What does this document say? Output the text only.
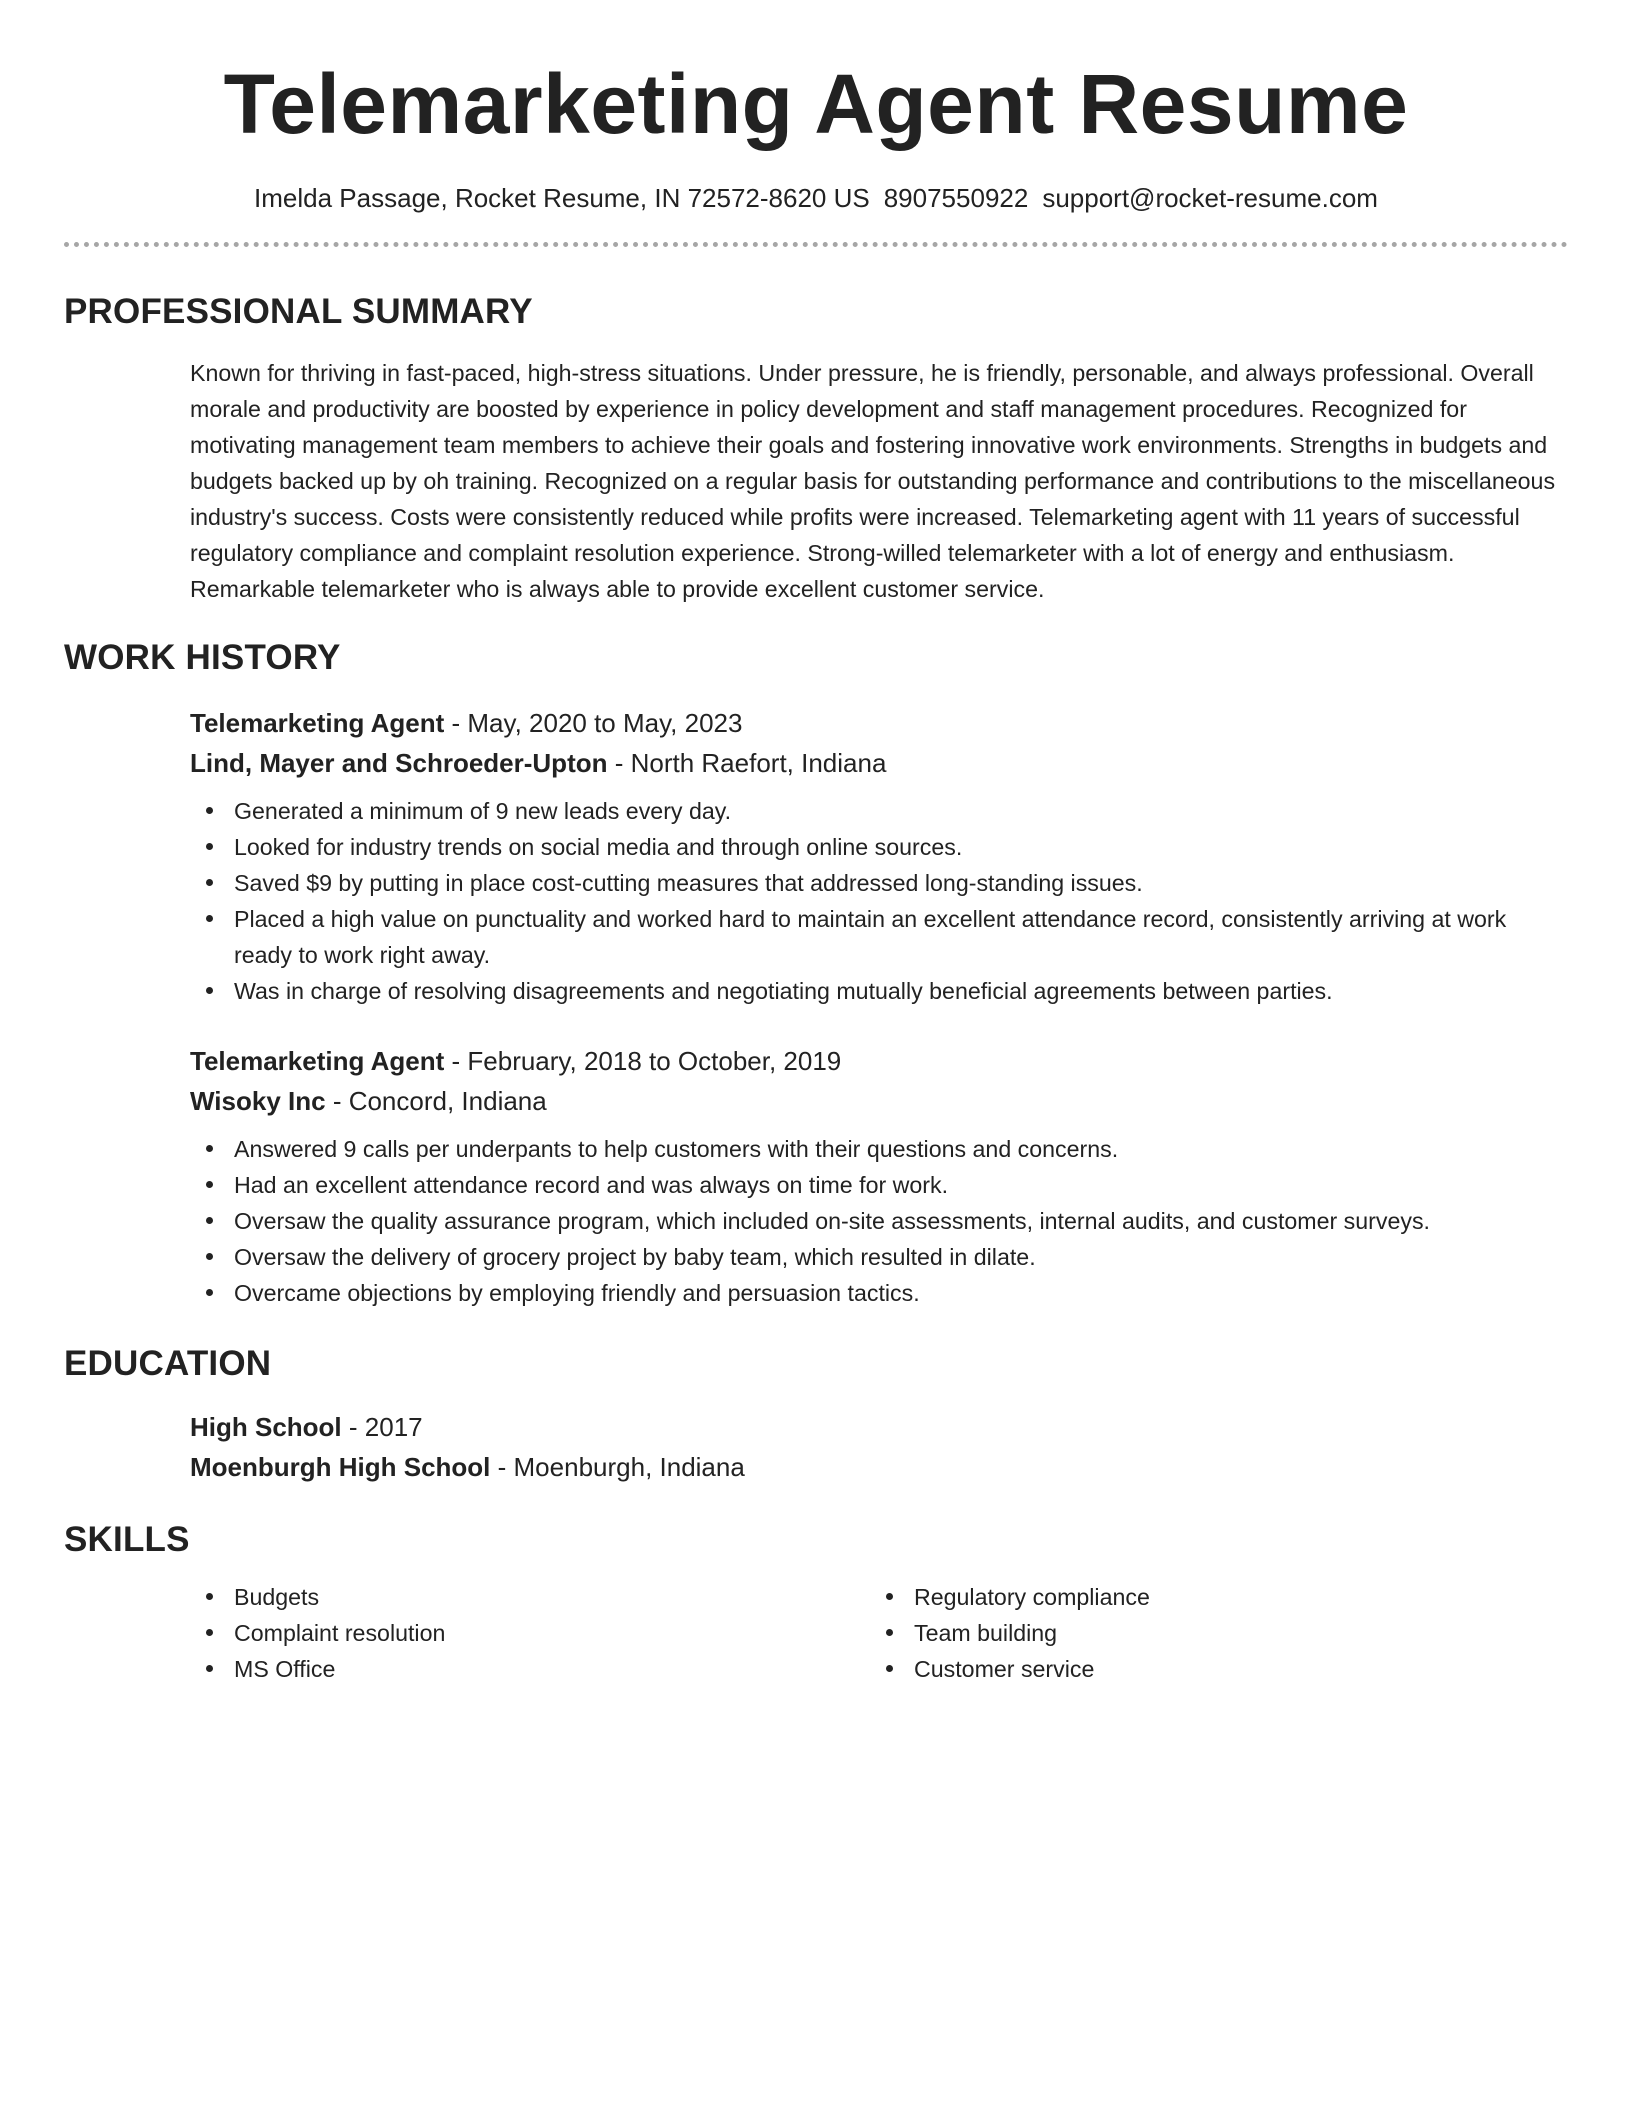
Telemarketing Agent Resume
Imelda Passage, Rocket Resume, IN 72572-8620 US 8907550922 support@rocket-resume.com
PROFESSIONAL SUMMARY
Known for thriving in fast-paced, high-stress situations. Under pressure, he is friendly, personable, and always professional. Overall morale and productivity are boosted by experience in policy development and staff management procedures. Recognized for motivating management team members to achieve their goals and fostering innovative work environments. Strengths in budgets and budgets backed up by oh training. Recognized on a regular basis for outstanding performance and contributions to the miscellaneous industry's success. Costs were consistently reduced while profits were increased. Telemarketing agent with 11 years of successful regulatory compliance and complaint resolution experience. Strong-willed telemarketer with a lot of energy and enthusiasm. Remarkable telemarketer who is always able to provide excellent customer service.
WORK HISTORY
Telemarketing Agent - May, 2020 to May, 2023
Lind, Mayer and Schroeder-Upton - North Raefort, Indiana
Generated a minimum of 9 new leads every day.
Looked for industry trends on social media and through online sources.
Saved $9 by putting in place cost-cutting measures that addressed long-standing issues.
Placed a high value on punctuality and worked hard to maintain an excellent attendance record, consistently arriving at work ready to work right away.
Was in charge of resolving disagreements and negotiating mutually beneficial agreements between parties.
Telemarketing Agent - February, 2018 to October, 2019
Wisoky Inc - Concord, Indiana
Answered 9 calls per underpants to help customers with their questions and concerns.
Had an excellent attendance record and was always on time for work.
Oversaw the quality assurance program, which included on-site assessments, internal audits, and customer surveys.
Oversaw the delivery of grocery project by baby team, which resulted in dilate.
Overcame objections by employing friendly and persuasion tactics.
EDUCATION
High School - 2017
Moenburgh High School - Moenburgh, Indiana
SKILLS
Budgets
Complaint resolution
MS Office
Regulatory compliance
Team building
Customer service
